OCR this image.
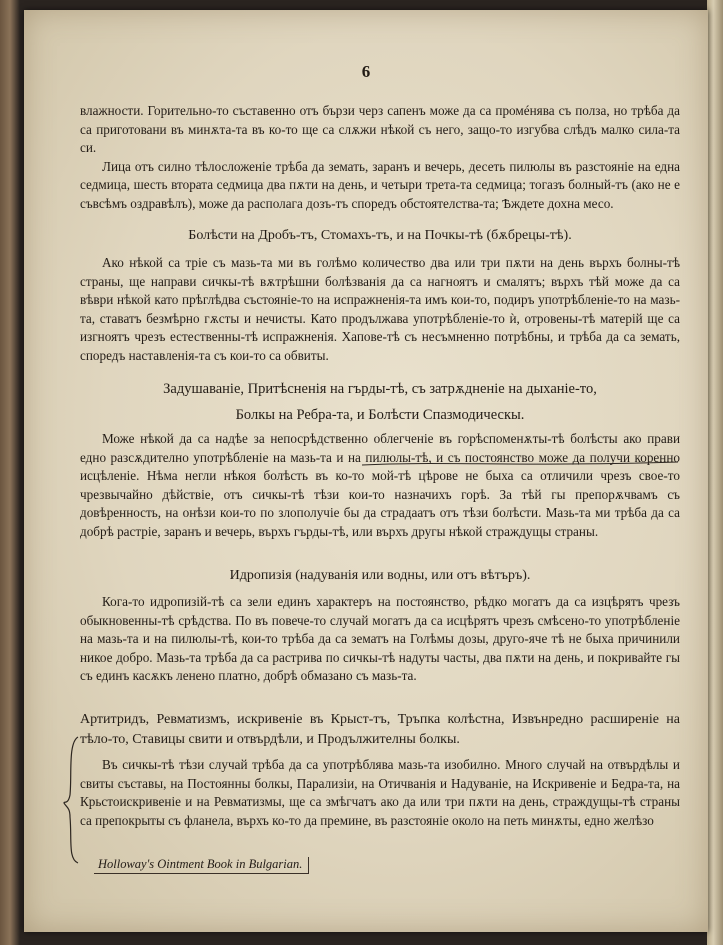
6

влажности. Горительно-то съставенно отъ бързи черз сапенъ може да са промéнява съ полза, но трѣба да са приготовани въ минѫта-та въ ко-то ще са слѫжи нѣкой съ него, защо-то изгубва слѣдъ малко сила-та си.

Лица отъ силно тѣлосложеніе трѣба да земать, заранъ и вечерь, десеть пилюлы въ разстояніе на една седмица, шесть втората седмица два пѫти на день, и четыри трета-та седмица; тогазъ болный-тъ (ако не е съвсѣмъ оздравѣлъ), може да располага дозъ-тъ споредъ обстоятелства-та; Ѣждете дохна месо.

Болѣсти на Дробъ-тъ, Стомахъ-тъ, и на Почкы-тѣ (бѫбрецы-тѣ).

Ако нѣкой са тріе съ мазь-та ми въ голѣмо количество два или три пѫти на день върхъ болны-тѣ страны, ще направи сичкы-тѣ вѫтрѣшни болѣзванія да са нагноятъ и смалятъ; върхъ тѣй може да са вѣври нѣкой като прѣглѣдва състояніе-то на испражненія-та имъ кои-то, подиръ употрѣбленіе-то на мазь-та, ставатъ безмѣрно гѫсты и нечисты. Като продължава употрѣбленіе-то ѝ, отровены-тѣ матерій ще са изгноятъ чрезъ естественны-тѣ испражненія. Хапове-тѣ съ несъмненно потрѣбны, и трѣба да са земать, споредъ наставленія-та съ кои-то са обвиты.

Задушаваніе, Притѣсненія на гърды-тѣ, съ затрѫдненіе на дыханіе-то,
Болкы на Ребра-та, и Болѣсти Спазмодическы.

Може нѣкой да са надѣе за непосрѣдственно облегченіе въ горѣспоменѫты-тѣ болѣсты ако прави едно разсѫдително употрѣбленіе на мазь-та и на пилюлы-тѣ, и съ постоянство може да получи коренно исцѣленіе. Нѣма негли нѣкоя болѣсть въ ко-то мой-тѣ цѣрове не быха са отличили чрезъ свое-то чрезвычайно дѣйствіе, отъ сичкы-тѣ тѣзи кои-то назначихъ горѣ. За тѣй гы препорѫчвамъ съ довѣренность, на онѣзи кои-то по злополучіе бы да страдаатъ отъ тѣзи болѣсти. Мазь-та ми трѣба да са добрѣ растріе, заранъ и вечерь, върхъ гърды-тѣ, или върхъ другы нѣкой страждущы страны.

Идропизія (надуванія или водны, или отъ вѣтъръ).

Кога-то идропизій-тѣ са зели единъ характеръ на постоянство, рѣдко могатъ да са изцѣрятъ чрезъ обыкновенны-тѣ срѣдства. По въ повече-то случай могатъ да са исцѣрятъ чрезъ смѣсено-то употрѣбленіе на мазь-та и на пилюлы-тѣ, кои-то трѣба да са зематъ на Голѣмы дозы, друго-яче тѣ не быха причинили никое добро. Мазь-та трѣба да са растрива по сичкы-тѣ надуты часты, два пѫти на день, и покривайте гы съ единъ касѫкъ ленено платно, добрѣ обмазано съ мазь-та.

Артитридъ, Ревматизмъ, искривеніе въ Крыст-тъ, Тръпка колѣстна, Извънредно расширеніе на тѣло-то, Ставицы свити и отвърдѣли, и Продължителны болкы.

Въ сичкы-тѣ тѣзи случай трѣба да са употрѣблява мазь-та изобилно. Много случай на отвърдѣлы и свиты съставы, на Постоянны болкы, Парализіи, на Отичванія и Надуваніе, на Искривеніе и Бедра-та, на Крьстоискривеніе и на Ревматизмы, ще са змѣгчатъ ако да или три пѫти на день, страждущы-тѣ страны са препокрыты съ фланела, върхъ ко-то да премине, въ разстояніе около на петь минѫты, едно желѣзо

Holloway's Ointment Book in Bulgarian.
